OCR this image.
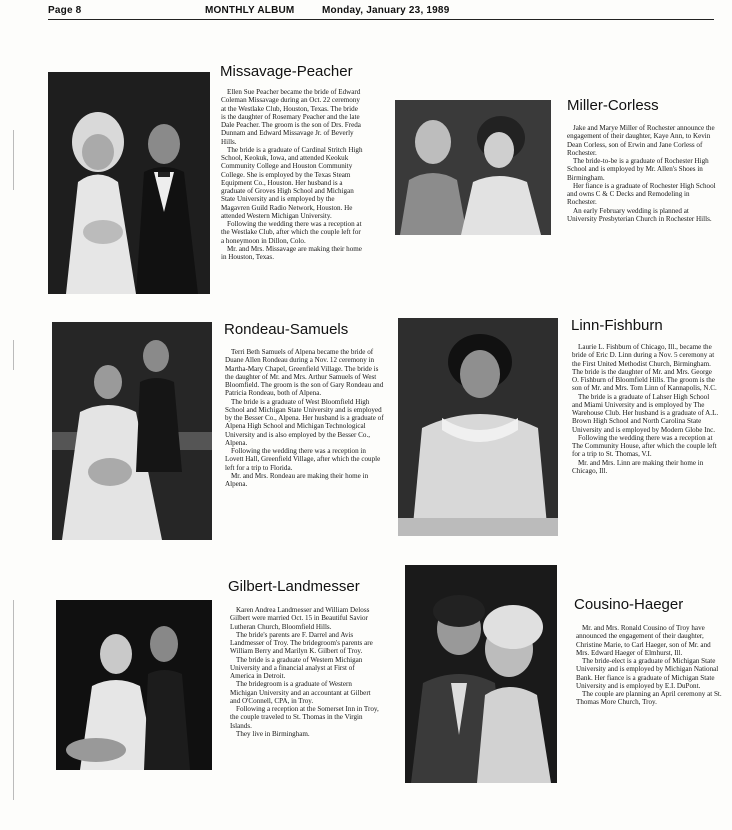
Page 8	MONTHLY ALBUM	Monday, January 23, 1989
Missavage-Peacher

Ellen Sue Peacher became the bride of Edward Coleman Missavage during an Oct. 22 ceremony at the Westlake Club, Houston, Texas. The bride is the daughter of Rosemary Peacher and the late Dale Peacher. The groom is the son of Drs. Freda Dunnam and Edward Missavage Jr. of Beverly Hills.

The bride is a graduate of Cardinal Stritch High School, Keokuk, Iowa, and attended Keokuk Community College and Houston Community College. She is employed by the Texas Steam Equipment Co., Houston. Her husband is a graduate of Groves High School and Michigan State University and is employed by the Magavren Guild Radio Network, Houston. He attended Western Michigan University.

Following the wedding there was a reception at the Westlake Club, after which the couple left for a honeymoon in Dillon, Colo.

Mr. and Mrs. Missavage are making their home in Houston, Texas.

Miller-Corless

Jake and Marye Miller of Rochester announce the engagement of their daughter, Kaye Ann, to Kevin Dean Corless, son of Erwin and Jane Corless of Rochester.

The bride-to-be is a graduate of Rochester High School and is employed by Mr. Allen's Shoes in Birmingham.

Her fiance is a graduate of Rochester High School and owns C & C Decks and Remodeling in Rochester.

An early February wedding is planned at University Presbyterian Church in Rochester Hills.

Rondeau-Samuels

Terri Beth Samuels of Alpena became the bride of Duane Allen Rondeau during a Nov. 12 ceremony in Martha-Mary Chapel, Greenfield Village. The bride is the daughter of Mr. and Mrs. Arthur Samuels of West Bloomfield. The groom is the son of Gary Rondeau and Patricia Rondeau, both of Alpena.

The bride is a graduate of West Bloomfield High School and Michigan State University and is employed by the Besser Co., Alpena. Her husband is a graduate of Alpena High School and Michigan Technological University and is also employed by the Besser Co., Alpena.

Following the wedding there was a reception in Lovett Hall, Greenfield Village, after which the couple left for a trip to Florida.

Mr. and Mrs. Rondeau are making their home in Alpena.

Linn-Fishburn

Laurie L. Fishburn of Chicago, Ill., became the bride of Eric D. Linn during a Nov. 5 ceremony at the First United Methodist Church, Birmingham. The bride is the daughter of Mr. and Mrs. George O. Fishburn of Bloomfield Hills. The groom is the son of Mr. and Mrs. Tom Linn of Kannapolis, N.C.

The bride is a graduate of Lahser High School and Miami University and is employed by The Warehouse Club. Her husband is a graduate of A.L. Brown High School and North Carolina State University and is employed by Modern Globe Inc.

Following the wedding there was a reception at The Community House, after which the couple left for a trip to St. Thomas, V.I.

Mr. and Mrs. Linn are making their home in Chicago, Ill.

Gilbert-Landmesser

Karen Andrea Landmesser and William Deloss Gilbert were married Oct. 15 in Beautiful Savior Lutheran Church, Bloomfield Hills.

The bride's parents are F. Darrel and Avis Landmesser of Troy. The bridegroom's parents are William Berry and Marilyn K. Gilbert of Troy.

The bride is a graduate of Western Michigan University and a financial analyst at First of America in Detroit.

The bridegroom is a graduate of Western Michigan University and an accountant at Gilbert and O'Connell, CPA, in Troy.

Following a reception at the Somerset Inn in Troy, the couple traveled to St. Thomas in the Virgin Islands.

They live in Birmingham.

Cousino-Haeger

Mr. and Mrs. Ronald Cousino of Troy have announced the engagement of their daughter, Christine Marie, to Carl Haeger, son of Mr. and Mrs. Edward Haeger of Elmhurst, Ill.

The bride-elect is a graduate of Michigan State University and is employed by Michigan National Bank. Her fiance is a graduate of Michigan State University and is employed by E.I. DuPont.

The couple are planning an April ceremony at St. Thomas More Church, Troy.
